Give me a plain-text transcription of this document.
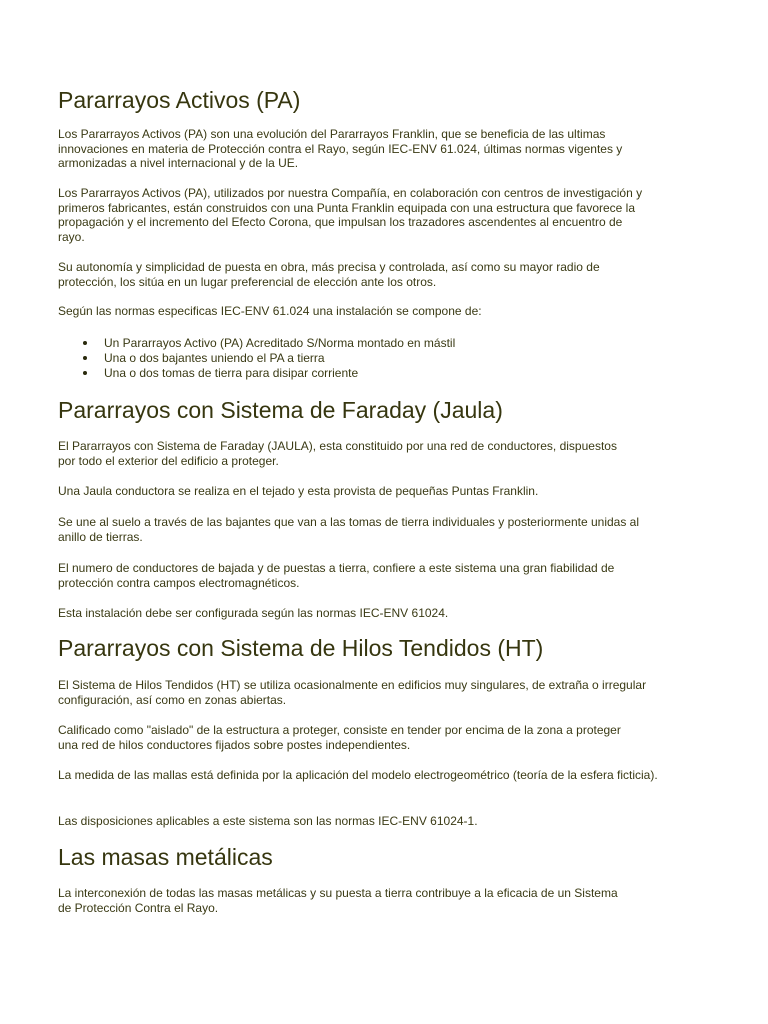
Pararrayos Activos (PA)

Los Pararrayos Activos (PA) son una evolución del Pararrayos Franklin, que se beneficia de las ultimas innovaciones en materia de Protección contra el Rayo, según IEC-ENV 61.024, últimas normas vigentes y armonizadas a nivel internacional y de la UE.

Los Pararrayos Activos (PA), utilizados por nuestra Compañía, en colaboración con centros de investigación y primeros fabricantes, están construidos con una Punta Franklin equipada con una estructura que favorece la propagación y el incremento del Efecto Corona, que impulsan los trazadores ascendentes al encuentro de rayo.

Su autonomía y simplicidad de puesta en obra, más precisa y controlada, así como su mayor radio de protección, los sitúa en un lugar preferencial de elección ante los otros.

Según las normas especificas IEC-ENV 61.024 una instalación se compone de:

Un Pararrayos Activo (PA) Acreditado S/Norma montado en mástil
Una o dos bajantes uniendo el PA a tierra
Una o dos tomas de tierra para disipar corriente
Pararrayos con Sistema de Faraday (Jaula)

El Pararrayos con Sistema de Faraday (JAULA), esta constituido por una red de conductores, dispuestos por todo el exterior del edificio a proteger.

Una Jaula conductora se realiza en el tejado y esta provista de pequeñas Puntas Franklin.

Se une al suelo a través de las bajantes que van a las tomas de tierra individuales y posteriormente unidas al anillo de tierras.

El numero de conductores de bajada y de puestas a tierra, confiere a este sistema una gran fiabilidad de protección contra campos electromagnéticos.

Esta instalación debe ser configurada según las normas IEC-ENV 61024.

Pararrayos con Sistema de Hilos Tendidos (HT)

El Sistema de Hilos Tendidos (HT) se utiliza ocasionalmente en edificios muy singulares, de extraña o irregular configuración, así como en zonas abiertas.

Calificado como "aislado" de la estructura a proteger, consiste en tender por encima de la zona a proteger una red de hilos conductores fijados sobre postes independientes.

La medida de las mallas está definida por la aplicación del modelo electrogeométrico (teoría de la esfera ficticia).

Las disposiciones aplicables a este sistema son las normas IEC-ENV 61024-1.

Las masas metálicas

La interconexión de todas las masas metálicas y su puesta a tierra contribuye a la eficacia de un Sistema de Protección Contra el Rayo.
